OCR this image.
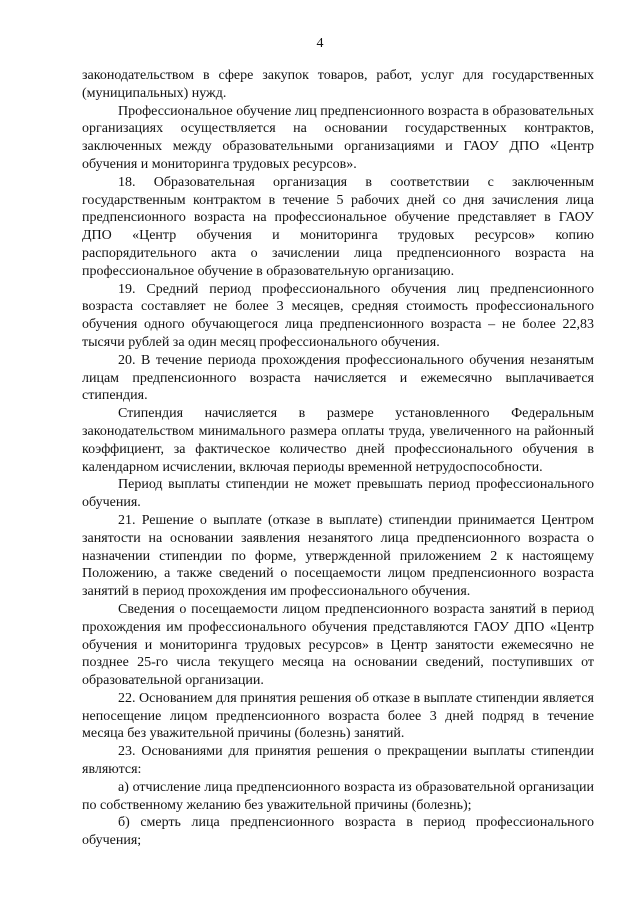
4

законодательством в сфере закупок товаров, работ, услуг для государственных (муниципальных) нужд.

Профессиональное обучение лиц предпенсионного возраста в образовательных организациях осуществляется на основании государственных контрактов, заключенных между образовательными организациями и ГАОУ ДПО «Центр обучения и мониторинга трудовых ресурсов».

18. Образовательная организация в соответствии с заключенным государственным контрактом в течение 5 рабочих дней со дня зачисления лица предпенсионного возраста на профессиональное обучение представляет в ГАОУ ДПО «Центр обучения и мониторинга трудовых ресурсов» копию распорядительного акта о зачислении лица предпенсионного возраста на профессиональное обучение в образовательную организацию.

19. Средний период профессионального обучения лиц предпенсионного возраста составляет не более 3 месяцев, средняя стоимость профессионального обучения одного обучающегося лица предпенсионного возраста – не более 22,83 тысячи рублей за один месяц профессионального обучения.

20. В течение периода прохождения профессионального обучения незанятым лицам предпенсионного возраста начисляется и ежемесячно выплачивается стипендия.

Стипендия начисляется в размере установленного Федеральным законодательством минимального размера оплаты труда, увеличенного на районный коэффициент, за фактическое количество дней профессионального обучения в календарном исчислении, включая периоды временной нетрудоспособности.

Период выплаты стипендии не может превышать период профессионального обучения.

21. Решение о выплате (отказе в выплате) стипендии принимается Центром занятости на основании заявления незанятого лица предпенсионного возраста о назначении стипендии по форме, утвержденной приложением 2 к настоящему Положению, а также сведений о посещаемости лицом предпенсионного возраста занятий в период прохождения им профессионального обучения.

Сведения о посещаемости лицом предпенсионного возраста занятий в период прохождения им профессионального обучения представляются ГАОУ ДПО «Центр обучения и мониторинга трудовых ресурсов» в Центр занятости ежемесячно не позднее 25-го числа текущего месяца на основании сведений, поступивших от образовательной организации.

22. Основанием для принятия решения об отказе в выплате стипендии является непосещение лицом предпенсионного возраста более 3 дней подряд в течение месяца без уважительной причины (болезнь) занятий.

23. Основаниями для принятия решения о прекращении выплаты стипендии являются:

а) отчисление лица предпенсионного возраста из образовательной организации по собственному желанию без уважительной причины (болезнь);

б) смерть лица предпенсионного возраста в период профессионального обучения;
